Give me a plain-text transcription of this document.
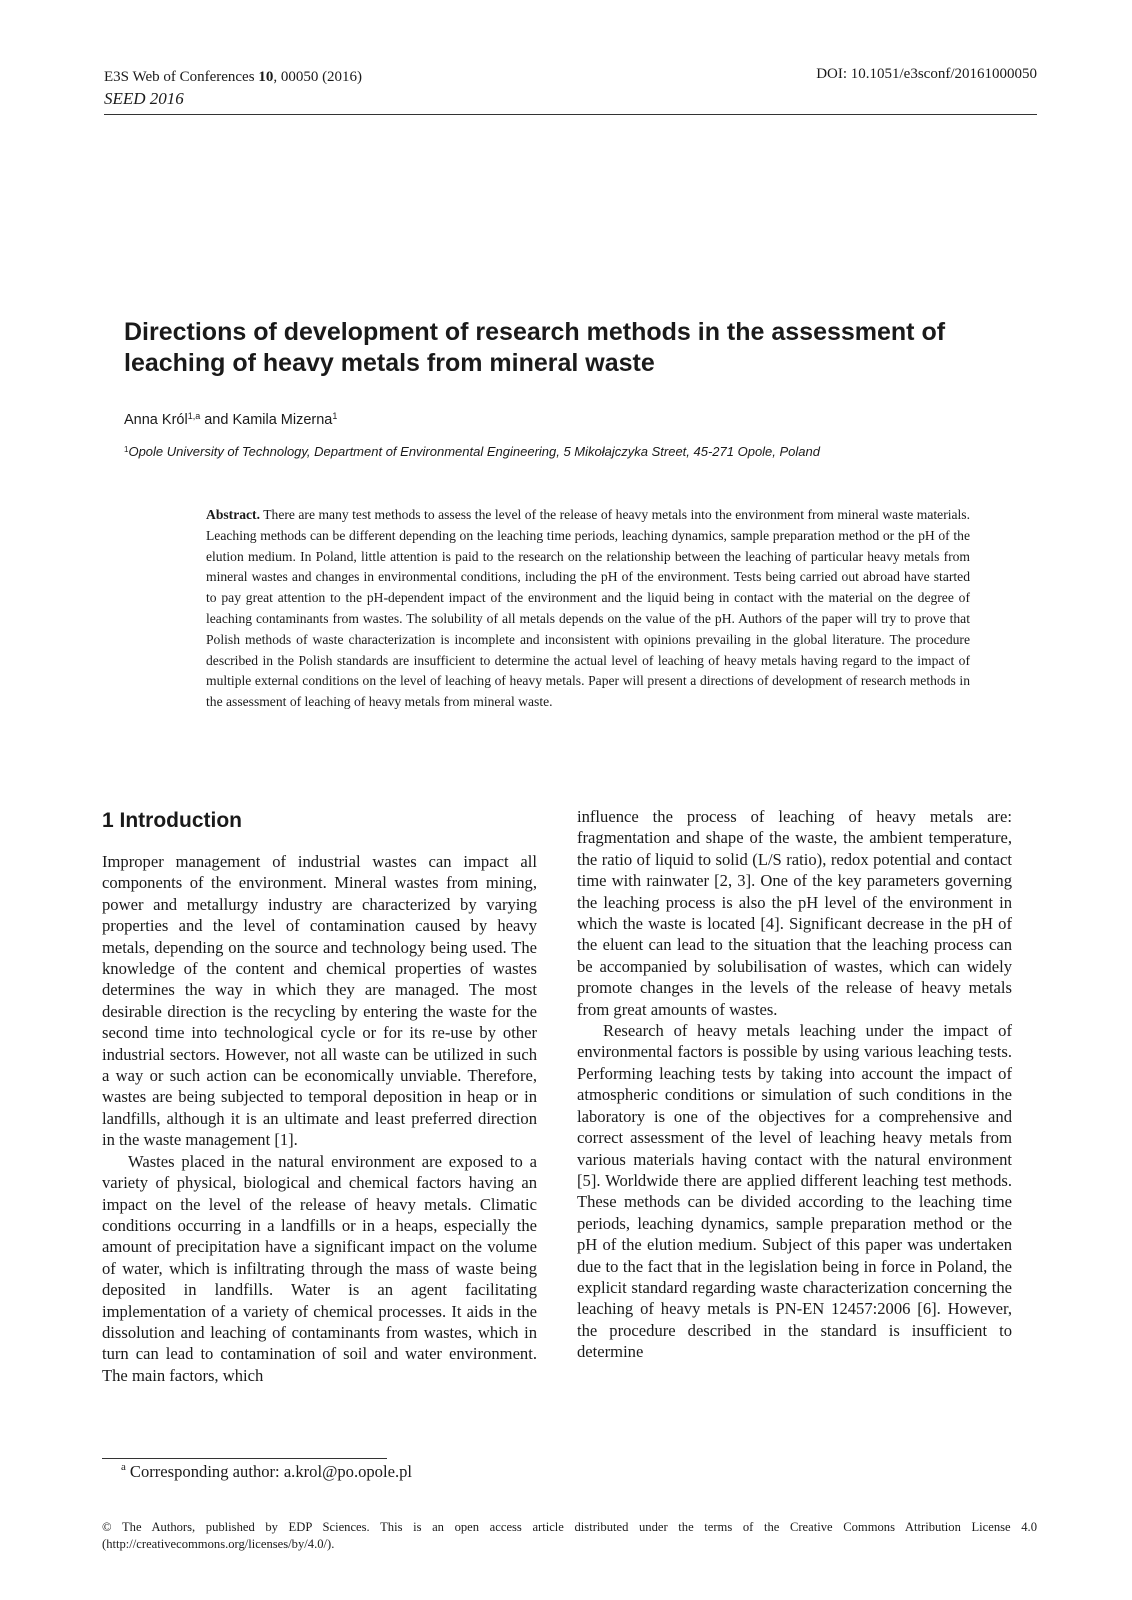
E3S Web of Conferences 10, 00050 (2016)
SEED 2016
DOI: 10.1051/e3sconf/20161000050
Directions of development of research methods in the assessment of leaching of heavy metals from mineral waste
Anna Król$^{1,a}$ and Kamila Mizerna$^1$
$^1$Opole University of Technology, Department of Environmental Engineering, 5 Mikołajczyka Street, 45-271 Opole, Poland
Abstract. There are many test methods to assess the level of the release of heavy metals into the environment from mineral waste materials. Leaching methods can be different depending on the leaching time periods, leaching dynamics, sample preparation method or the pH of the elution medium. In Poland, little attention is paid to the research on the relationship between the leaching of particular heavy metals from mineral wastes and changes in environmental conditions, including the pH of the environment. Tests being carried out abroad have started to pay great attention to the pH-dependent impact of the environment and the liquid being in contact with the material on the degree of leaching contaminants from wastes. The solubility of all metals depends on the value of the pH. Authors of the paper will try to prove that Polish methods of waste characterization is incomplete and inconsistent with opinions prevailing in the global literature. The procedure described in the Polish standards are insufficient to determine the actual level of leaching of heavy metals having regard to the impact of multiple external conditions on the level of leaching of heavy metals. Paper will present a directions of development of research methods in the assessment of leaching of heavy metals from mineral waste.
1 Introduction

Improper management of industrial wastes can impact all components of the environment. Mineral wastes from mining, power and metallurgy industry are characterized by varying properties and the level of contamination caused by heavy metals, depending on the source and technology being used. The knowledge of the content and chemical properties of wastes determines the way in which they are managed. The most desirable direction is the recycling by entering the waste for the second time into technological cycle or for its re-use by other industrial sectors. However, not all waste can be utilized in such a way or such action can be economically unviable. Therefore, wastes are being subjected to temporal deposition in heap or in landfills, although it is an ultimate and least preferred direction in the waste management [1].

Wastes placed in the natural environment are exposed to a variety of physical, biological and chemical factors having an impact on the level of the release of heavy metals. Climatic conditions occurring in a landfills or in a heaps, especially the amount of precipitation have a significant impact on the volume of water, which is infiltrating through the mass of waste being deposited in landfills. Water is an agent facilitating implementation of a variety of chemical processes. It aids in the dissolution and leaching of contaminants from wastes, which in turn can lead to contamination of soil and water environment. The main factors, which

influence the process of leaching of heavy metals are: fragmentation and shape of the waste, the ambient temperature, the ratio of liquid to solid (L/S ratio), redox potential and contact time with rainwater [2, 3]. One of the key parameters governing the leaching process is also the pH level of the environment in which the waste is located [4]. Significant decrease in the pH of the eluent can lead to the situation that the leaching process can be accompanied by solubilisation of wastes, which can widely promote changes in the levels of the release of heavy metals from great amounts of wastes.

Research of heavy metals leaching under the impact of environmental factors is possible by using various leaching tests. Performing leaching tests by taking into account the impact of atmospheric conditions or simulation of such conditions in the laboratory is one of the objectives for a comprehensive and correct assessment of the level of leaching heavy metals from various materials having contact with the natural environment [5]. Worldwide there are applied different leaching test methods. These methods can be divided according to the leaching time periods, leaching dynamics, sample preparation method or the pH of the elution medium. Subject of this paper was undertaken due to the fact that in the legislation being in force in Poland, the explicit standard regarding waste characterization concerning the leaching of heavy metals is PN-EN 12457:2006 [6]. However, the procedure described in the standard is insufficient to determine

$^a$ Corresponding author: a.krol@po.opole.pl
© The Authors, published by EDP Sciences. This is an open access article distributed under the terms of the Creative Commons Attribution License 4.0 (http://creativecommons.org/licenses/by/4.0/).
